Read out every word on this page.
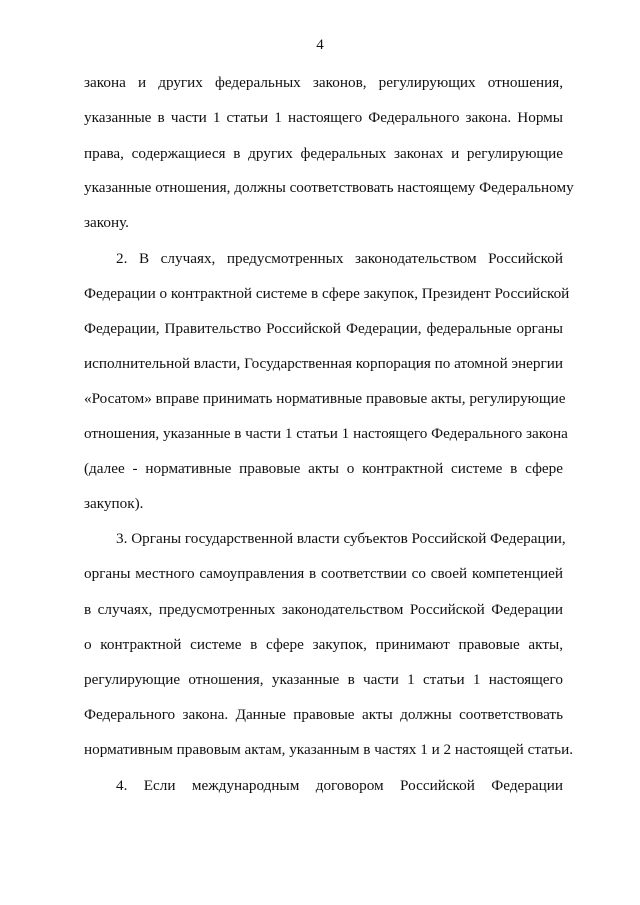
4
закона и других федеральных законов, регулирующих отношения,
указанные в части 1 статьи 1 настоящего Федерального закона. Нормы
права, содержащиеся в других федеральных законах и регулирующие
указанные отношения, должны соответствовать настоящему Федеральному
закону.
2. В случаях, предусмотренных законодательством Российской
Федерации о контрактной системе в сфере закупок, Президент Российской
Федерации, Правительство Российской Федерации, федеральные органы
исполнительной власти, Государственная корпорация по атомной энергии
«Росатом» вправе принимать нормативные правовые акты, регулирующие
отношения, указанные в части 1 статьи 1 настоящего Федерального закона
(далее - нормативные правовые акты о контрактной системе в сфере
закупок).
3. Органы государственной власти субъектов Российской Федерации,
органы местного самоуправления в соответствии со своей компетенцией
в случаях, предусмотренных законодательством Российской Федерации
о контрактной системе в сфере закупок, принимают правовые акты,
регулирующие отношения, указанные в части 1 статьи 1 настоящего
Федерального закона. Данные правовые акты должны соответствовать
нормативным правовым актам, указанным в частях 1 и 2 настоящей статьи.
4. Если международным договором Российской Федерации
